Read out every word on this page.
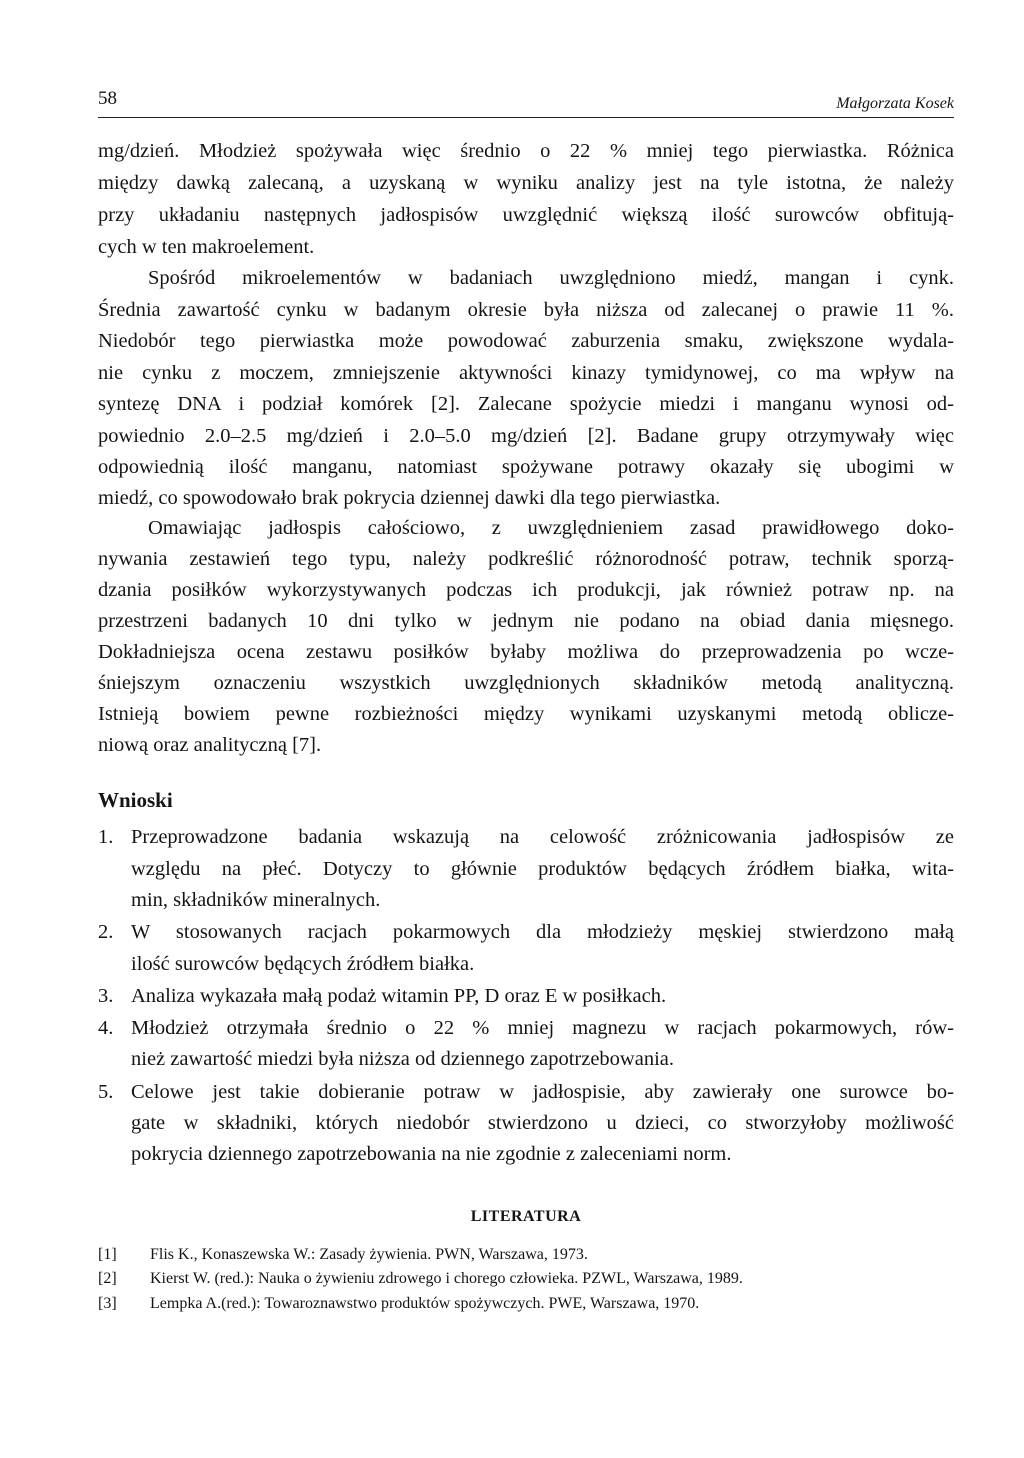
58	Małgorzata Kosek
mg/dzień. Młodzież spożywała więc średnio o 22 % mniej tego pierwiastka. Różnica
między dawką zalecaną, a uzyskaną w wyniku analizy jest na tyle istotna, że należy
przy układaniu następnych jadłospisów uwzględnić większą ilość surowców obfitują-
cych w ten makroelement.
Spośród mikroelementów w badaniach uwzględniono miedź, mangan i cynk.
Średnia zawartość cynku w badanym okresie była niższa od zalecanej o prawie 11 %.
Niedobór tego pierwiastka może powodować zaburzenia smaku, zwiększone wydala-
nie cynku z moczem, zmniejszenie aktywności kinazy tymidynowej, co ma wpływ na
syntezę DNA i podział komórek [2]. Zalecane spożycie miedzi i manganu wynosi od-
powiednio 2.0–2.5 mg/dzień i 2.0–5.0 mg/dzień [2]. Badane grupy otrzymywały więc
odpowiednią ilość manganu, natomiast spożywane potrawy okazały się ubogimi w
miedź, co spowodowało brak pokrycia dziennej dawki dla tego pierwiastka.
Omawiając jadłospis całościowo, z uwzględnieniem zasad prawidłowego doko-
nywania zestawień tego typu, należy podkreślić różnorodność potraw, technik sporzą-
dzania posiłków wykorzystywanych podczas ich produkcji, jak również potraw np. na
przestrzeni badanych 10 dni tylko w jednym nie podano na obiad dania mięsnego.
Dokładniejsza ocena zestawu posiłków byłaby możliwa do przeprowadzenia po wcze-
śniejszym oznaczeniu wszystkich uwzględnionych składników metodą analityczną.
Istnieją bowiem pewne rozbieżności między wynikami uzyskanymi metodą oblicze-
niową oraz analityczną [7].
Wnioski
1. Przeprowadzone badania wskazują na celowość zróżnicowania jadłospisów ze
względu na płeć. Dotyczy to głównie produktów będących źródłem białka, wita-
min, składników mineralnych.
2. W stosowanych racjach pokarmowych dla młodzieży męskiej stwierdzono małą
ilość surowców będących źródłem białka.
3. Analiza wykazała małą podaż witamin PP, D oraz E w posiłkach.
4. Młodzież otrzymała średnio o 22 % mniej magnezu w racjach pokarmowych, rów-
nież zawartość miedzi była niższa od dziennego zapotrzebowania.
5. Celowe jest takie dobieranie potraw w jadłospisie, aby zawierały one surowce bo-
gate w składniki, których niedobór stwierdzono u dzieci, co stworzyłoby możliwość
pokrycia dziennego zapotrzebowania na nie zgodnie z zaleceniami norm.
LITERATURA
[1] Flis K., Konaszewska W.: Zasady żywienia. PWN, Warszawa, 1973.
[2] Kierst W. (red.): Nauka o żywieniu zdrowego i chorego człowieka. PZWL, Warszawa, 1989.
[3] Lempka A.(red.): Towaroznawstwo produktów spożywczych. PWE, Warszawa, 1970.
